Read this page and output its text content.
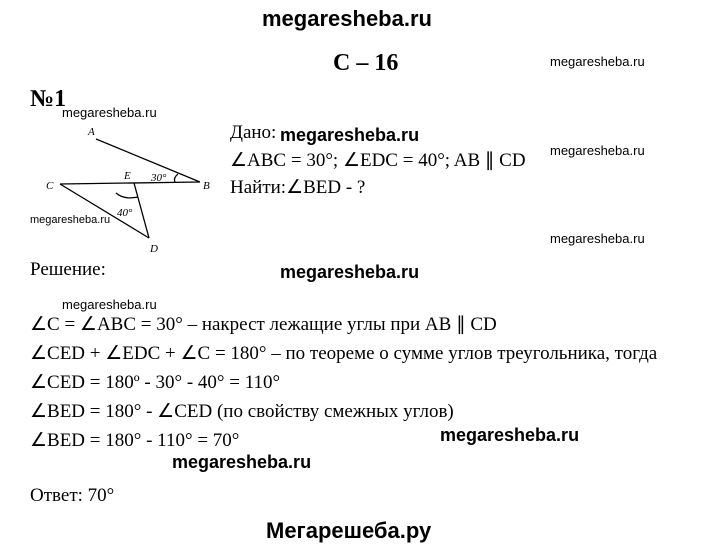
megaresheba.ru
С – 16	megaresheba.ru
№1
megaresheba.ru
A
B
C
D
E 30°
40°
megaresheba.ru
Дано: megaresheba.ru
megaresheba.ru
∠ABC = 30°; ∠EDC = 40°; AB ∥ CD
Найти:∠BED - ?
megaresheba.ru
Решение:	megaresheba.ru
megaresheba.ru
∠C = ∠ABC = 30° – накрест лежащие углы при AB ∥ CD
∠CED + ∠EDC + ∠C = 180° – по теореме о сумме углов треугольника, тогда
∠CED = 180º - 30° - 40° = 110°
∠BED = 180° - ∠CED (по свойству смежных углов)
∠BED = 180° - 110° = 70°	megaresheba.ru
megaresheba.ru
Ответ: 70°
Мегарешеба.ру
